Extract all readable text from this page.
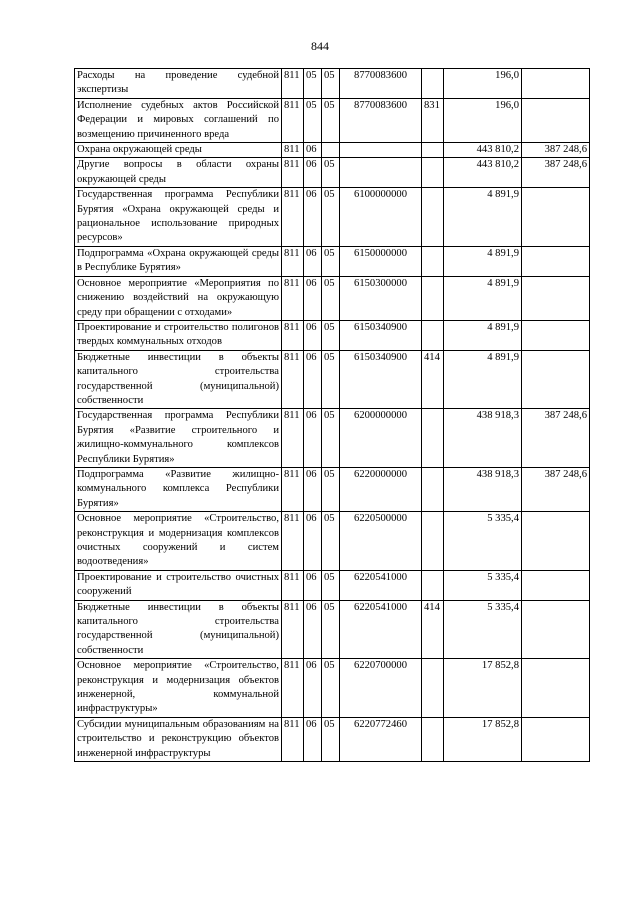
844
Расходы на проведение судебной экспертизы	811	05	05	8770083600		196,0	
Исполнение судебных актов Российской Федерации и мировых соглашений по возмещению причиненного вреда	811	05	05	8770083600	831	196,0	
Охрана окружающей среды	811	06				443 810,2	387 248,6
Другие вопросы в области охраны окружающей среды	811	06	05			443 810,2	387 248,6
Государственная программа Республики Бурятия «Охрана окружающей среды и рациональное использование природных ресурсов»	811	06	05	6100000000		4 891,9	
Подпрограмма «Охрана окружающей среды в Республике Бурятия»	811	06	05	6150000000		4 891,9	
Основное мероприятие «Мероприятия по снижению воздействий на окружающую среду при обращении с отходами»	811	06	05	6150300000		4 891,9	
Проектирование и строительство полигонов твердых коммунальных отходов	811	06	05	6150340900		4 891,9	
Бюджетные инвестиции в объекты капитального строительства государственной (муниципальной) собственности	811	06	05	6150340900	414	4 891,9	
Государственная программа Республики Бурятия «Развитие строительного и жилищно-коммунального комплексов Республики Бурятия»	811	06	05	6200000000		438 918,3	387 248,6
Подпрограмма «Развитие жилищно-коммунального комплекса Республики Бурятия»	811	06	05	6220000000		438 918,3	387 248,6
Основное мероприятие «Строительство, реконструкция и модернизация комплексов очистных сооружений и систем водоотведения»	811	06	05	6220500000		5 335,4	
Проектирование и строительство очистных сооружений	811	06	05	6220541000		5 335,4	
Бюджетные инвестиции в объекты капитального строительства государственной (муниципальной) собственности	811	06	05	6220541000	414	5 335,4	
Основное мероприятие «Строительство, реконструкция и модернизация объектов инженерной, коммунальной инфраструктуры»	811	06	05	6220700000		17 852,8	
Субсидии муниципальным образованиям на строительство и реконструкцию объектов инженерной инфраструктуры	811	06	05	6220772460		17 852,8	
